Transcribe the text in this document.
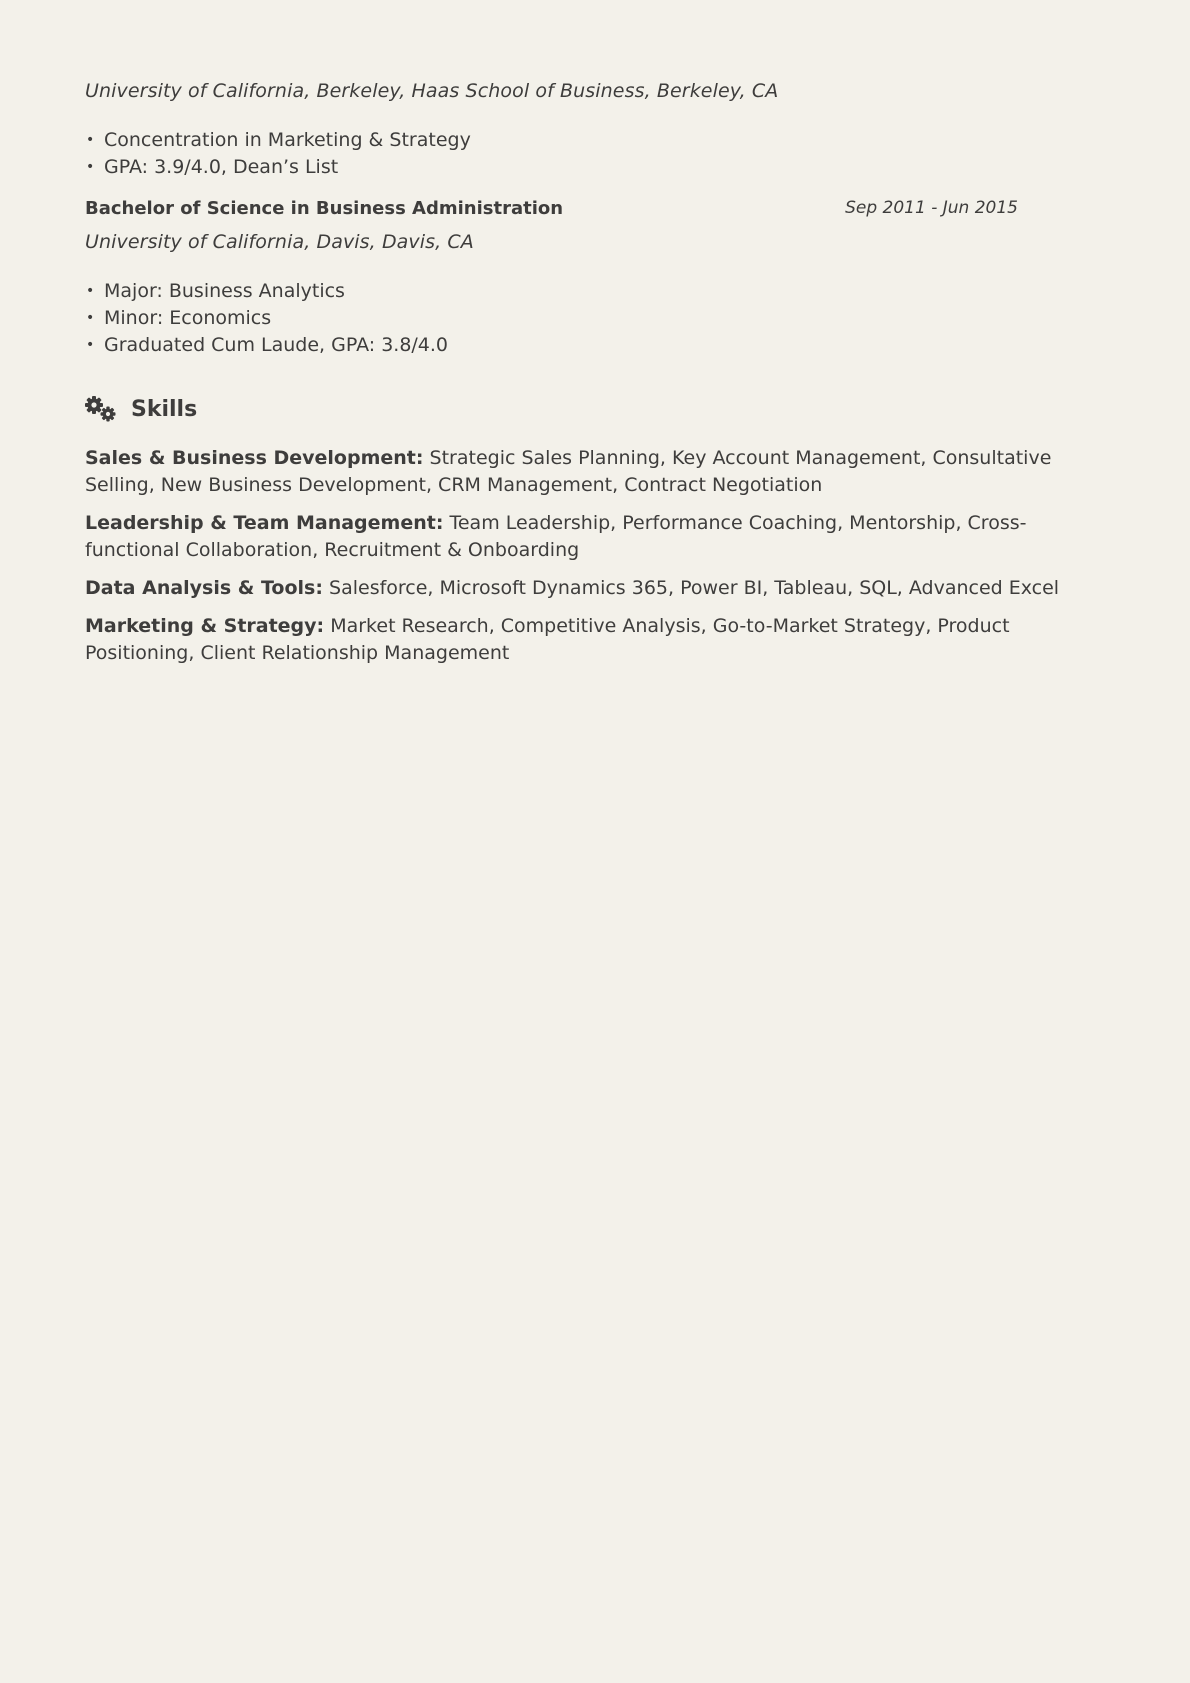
University of California, Berkeley, Haas School of Business, Berkeley, CA

• Concentration in Marketing & Strategy
• GPA: 3.9/4.0, Dean’s List
Bachelor of Science in Business Administration	Sep 2011 - Jun 2015

University of California, Davis, Davis, CA

• Major: Business Analytics
• Minor: Economics
• Graduated Cum Laude, GPA: 3.8/4.0
Skills

Sales & Business Development: Strategic Sales Planning, Key Account Management, Consultative Selling, New Business Development, CRM Management, Contract Negotiation

Leadership & Team Management: Team Leadership, Performance Coaching, Mentorship, Cross-functional Collaboration, Recruitment & Onboarding

Data Analysis & Tools: Salesforce, Microsoft Dynamics 365, Power BI, Tableau, SQL, Advanced Excel

Marketing & Strategy: Market Research, Competitive Analysis, Go-to-Market Strategy, Product Positioning, Client Relationship Management
